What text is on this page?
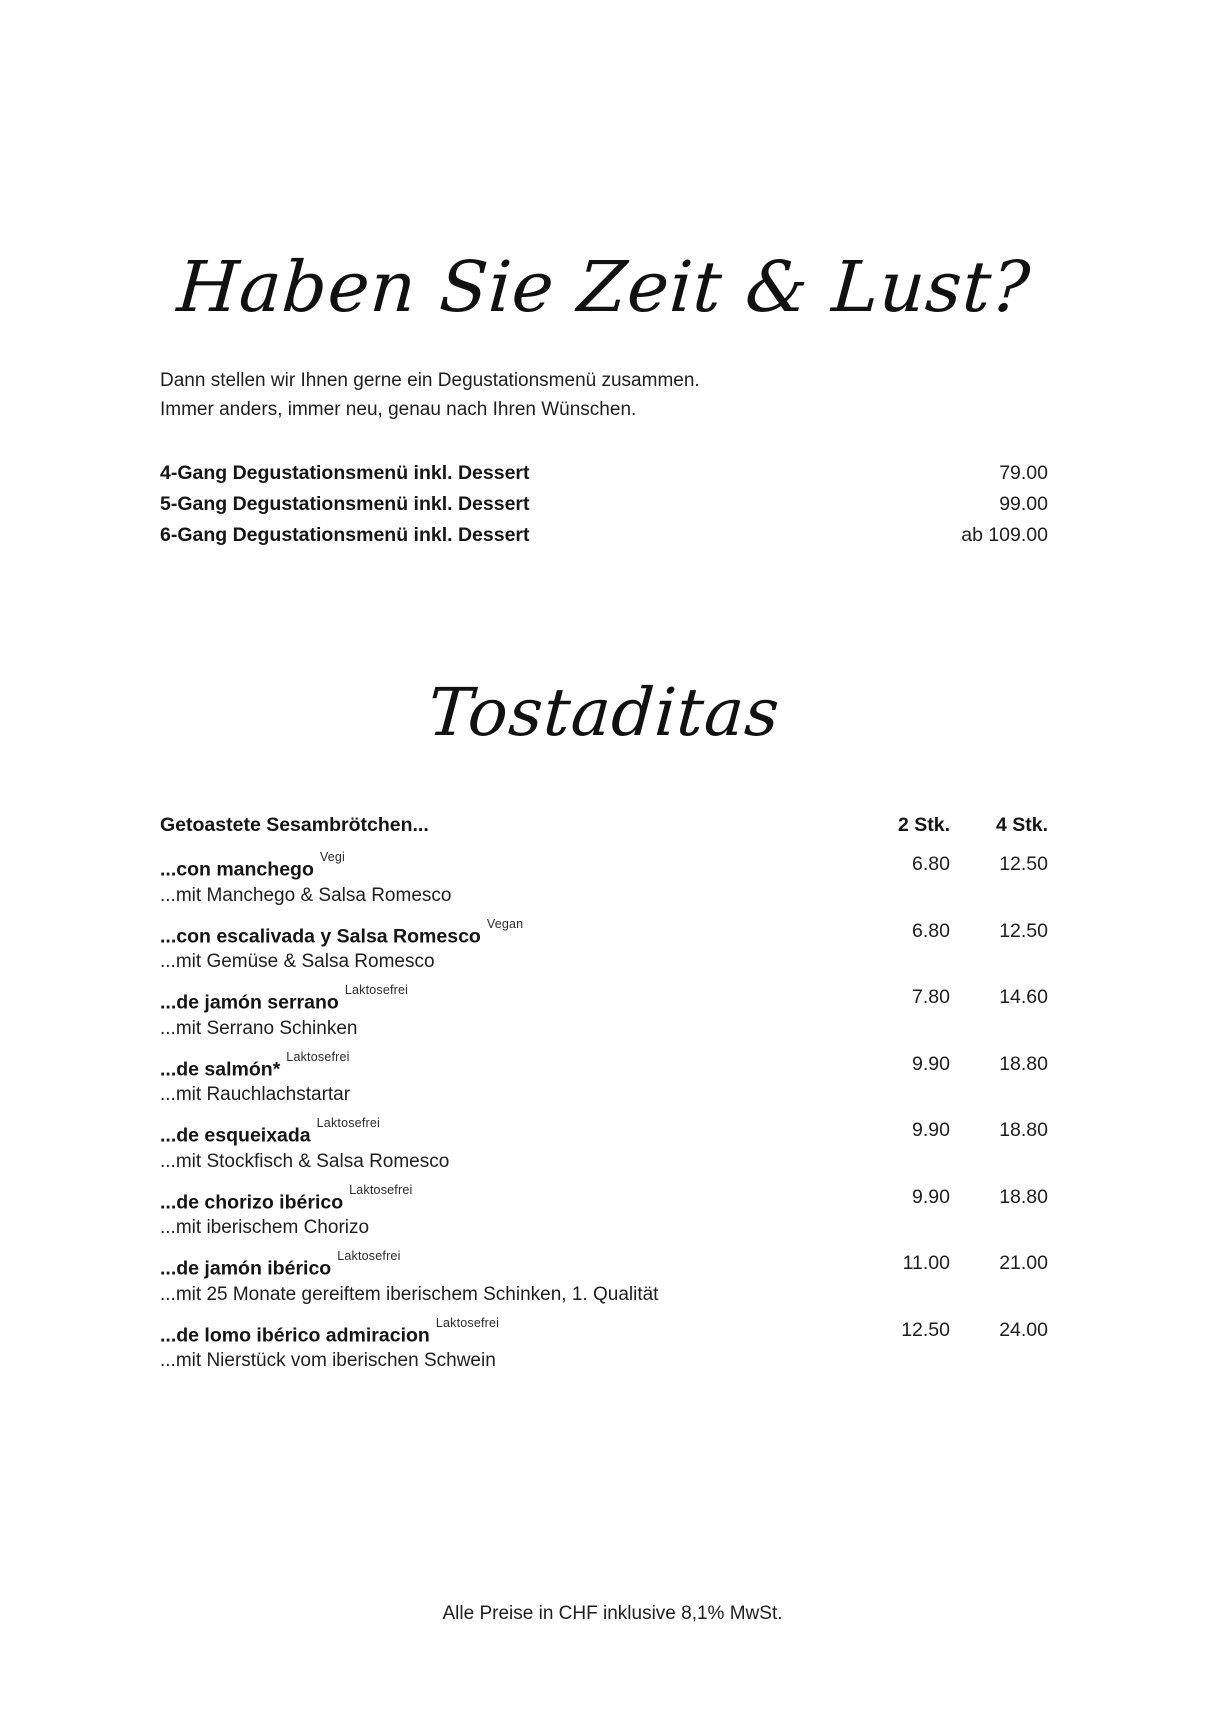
Haben Sie Zeit & Lust?

Dann stellen wir Ihnen gerne ein Degustationsmenü zusammen.

Immer anders, immer neu, genau nach Ihren Wünschen.

4-Gang Degustationsmenü inkl. Dessert	79.00
5-Gang Degustationsmenü inkl. Dessert	99.00
6-Gang Degustationsmenü inkl. Dessert	ab 109.00
Tostaditas
Getoastete Sesambrötchen...	2 Stk.	4 Stk.
...con manchego$^{Vegi}$
...mit Manchego & Salsa Romesco
6.80	12.50
...con escalivada y Salsa Romesco$^{Vegan}$
...mit Gemüse & Salsa Romesco
6.80	12.50
...de jamón serrano$^{Laktosefrei}$
...mit Serrano Schinken
7.80	14.60
...de salmón*$^{Laktosefrei}$
...mit Rauchlachstartar
9.90	18.80
...de esqueixada$^{Laktosefrei}$
...mit Stockfisch & Salsa Romesco
9.90	18.80
...de chorizo ibérico$^{Laktosefrei}$
...mit iberischem Chorizo
9.90	18.80
...de jamón ibérico$^{Laktosefrei}$
...mit 25 Monate gereiftem iberischem Schinken, 1. Qualität
11.00	21.00
...de lomo ibérico admiracion$^{Laktosefrei}$
...mit Nierstück vom iberischen Schwein
12.50	24.00
Alle Preise in CHF inklusive 8,1% MwSt.
